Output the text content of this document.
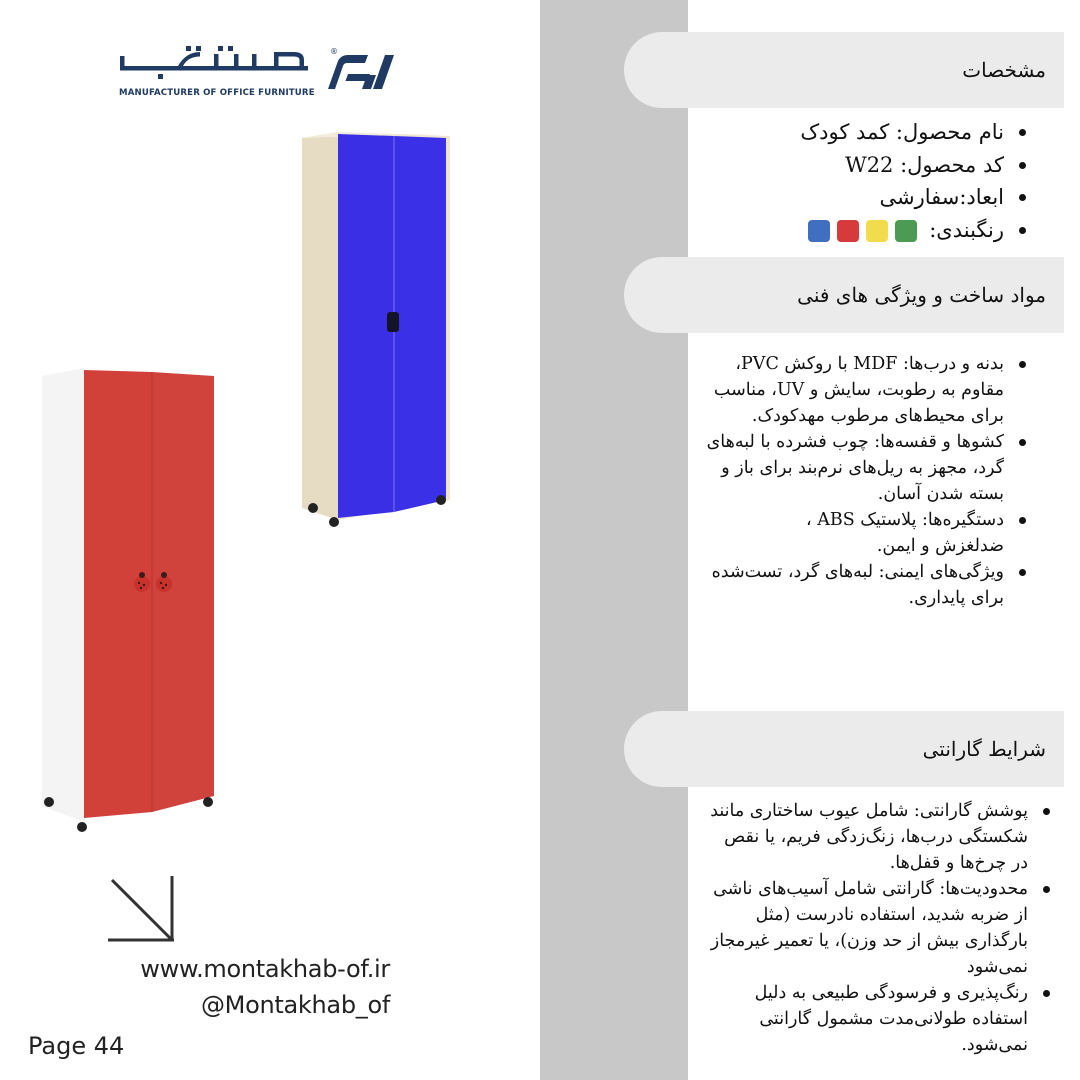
®
MANUFACTURER OF OFFICE FURNITURE
www.montakhab-of.ir
@Montakhab_of
Page 44
مشخصات
نام محصول: کمد کودک
کد محصول: W22
ابعاد:سفارشی
رنگبندی:
مواد ساخت و ویژگی های فنی
بدنه و درب‌ها: MDF با روکش PVC، مقاوم به رطوبت، سایش و UV، مناسب برای محیط‌های مرطوب مهدکودک.
کشوها و قفسه‌ها: چوب فشرده با لبه‌های گرد، مجهز به ریل‌های نرم‌بند برای باز و بسته شدن آسان.
دستگیره‌ها: پلاستیک ABS ، ضدلغزش و ایمن.
ویژگی‌های ایمنی: لبه‌های گرد، تست‌شده برای پایداری.
شرایط گارانتی
پوشش گارانتی: شامل عیوب ساختاری مانند شکستگی درب‌ها، زنگ‌زدگی فریم، یا نقص در چرخ‌ها و قفل‌ها.
محدودیت‌ها: گارانتی شامل آسیب‌های ناشی از ضربه شدید، استفاده نادرست (مثل بارگذاری بیش از حد وزن)، یا تعمیر غیرمجاز نمی‌شود
رنگ‌پذیری و فرسودگی طبیعی به دلیل استفاده طولانی‌مدت مشمول گارانتی نمی‌شود.
